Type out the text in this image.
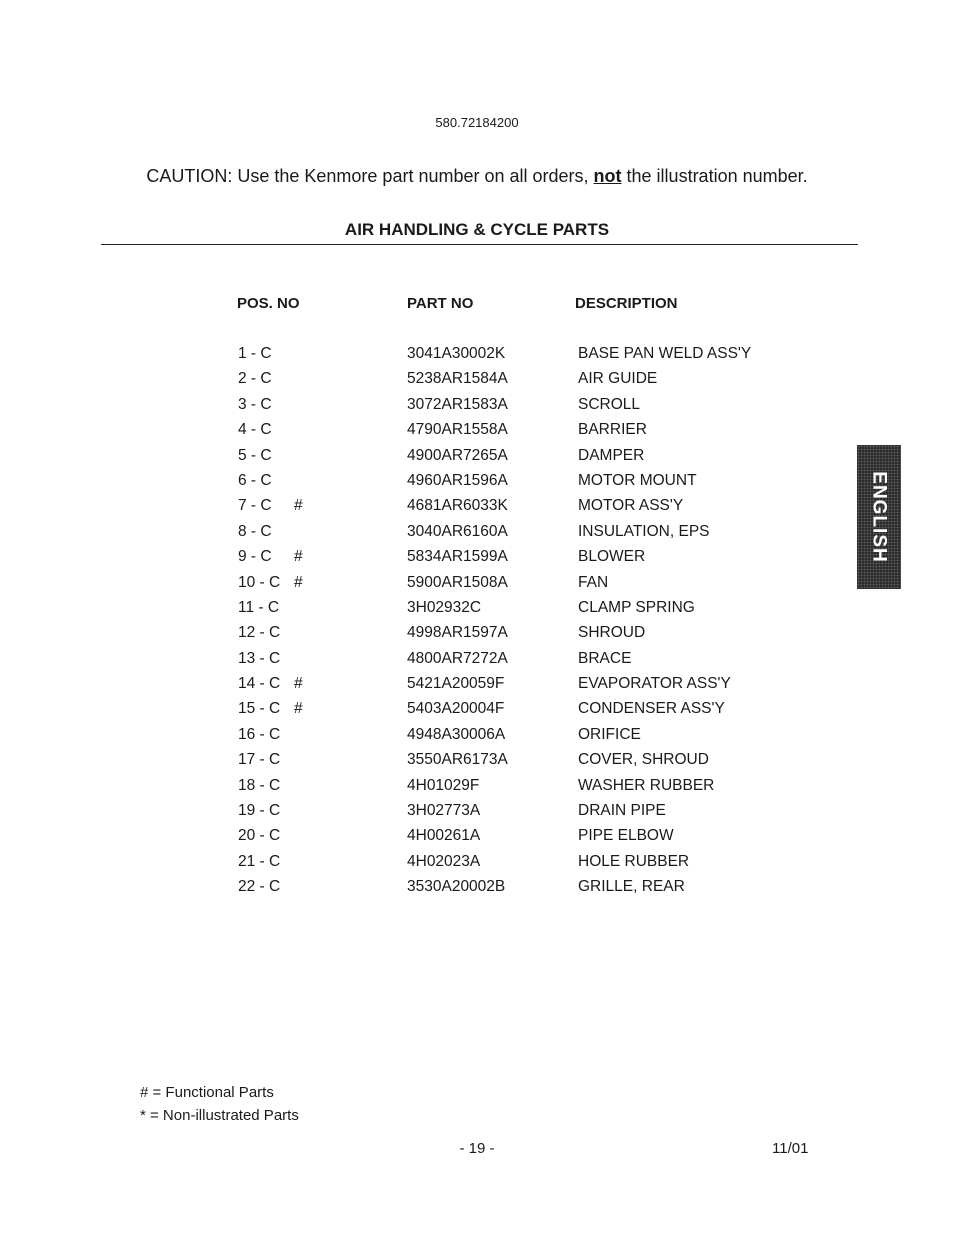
580.72184200
CAUTION: Use the Kenmore part number on all orders, not the illustration number.
AIR HANDLING & CYCLE PARTS
POS. NO	PART NO	DESCRIPTION
1 - C	3041A30002K	BASE PAN WELD ASS'Y
2 - C	5238AR1584A	AIR GUIDE
3 - C	3072AR1583A	SCROLL
4 - C	4790AR1558A	BARRIER
5 - C	4900AR7265A	DAMPER
6 - C	4960AR1596A	MOTOR MOUNT
7 - C #	4681AR6033K	MOTOR ASS'Y
8 - C	3040AR6160A	INSULATION, EPS
9 - C #	5834AR1599A	BLOWER
10 - C #	5900AR1508A	FAN
11 - C	3H02932C	CLAMP SPRING
12 - C	4998AR1597A	SHROUD
13 - C	4800AR7272A	BRACE
14 - C #	5421A20059F	EVAPORATOR ASS'Y
15 - C #	5403A20004F	CONDENSER ASS'Y
16 - C	4948A30006A	ORIFICE
17 - C	3550AR6173A	COVER, SHROUD
18 - C	4H01029F	WASHER RUBBER
19 - C	3H02773A	DRAIN PIPE
20 - C	4H00261A	PIPE ELBOW
21 - C	4H02023A	HOLE RUBBER
22 - C	3530A20002B	GRILLE, REAR
ENGLISH
# = Functional Parts
* = Non-illustrated Parts
- 19 -	11/01
